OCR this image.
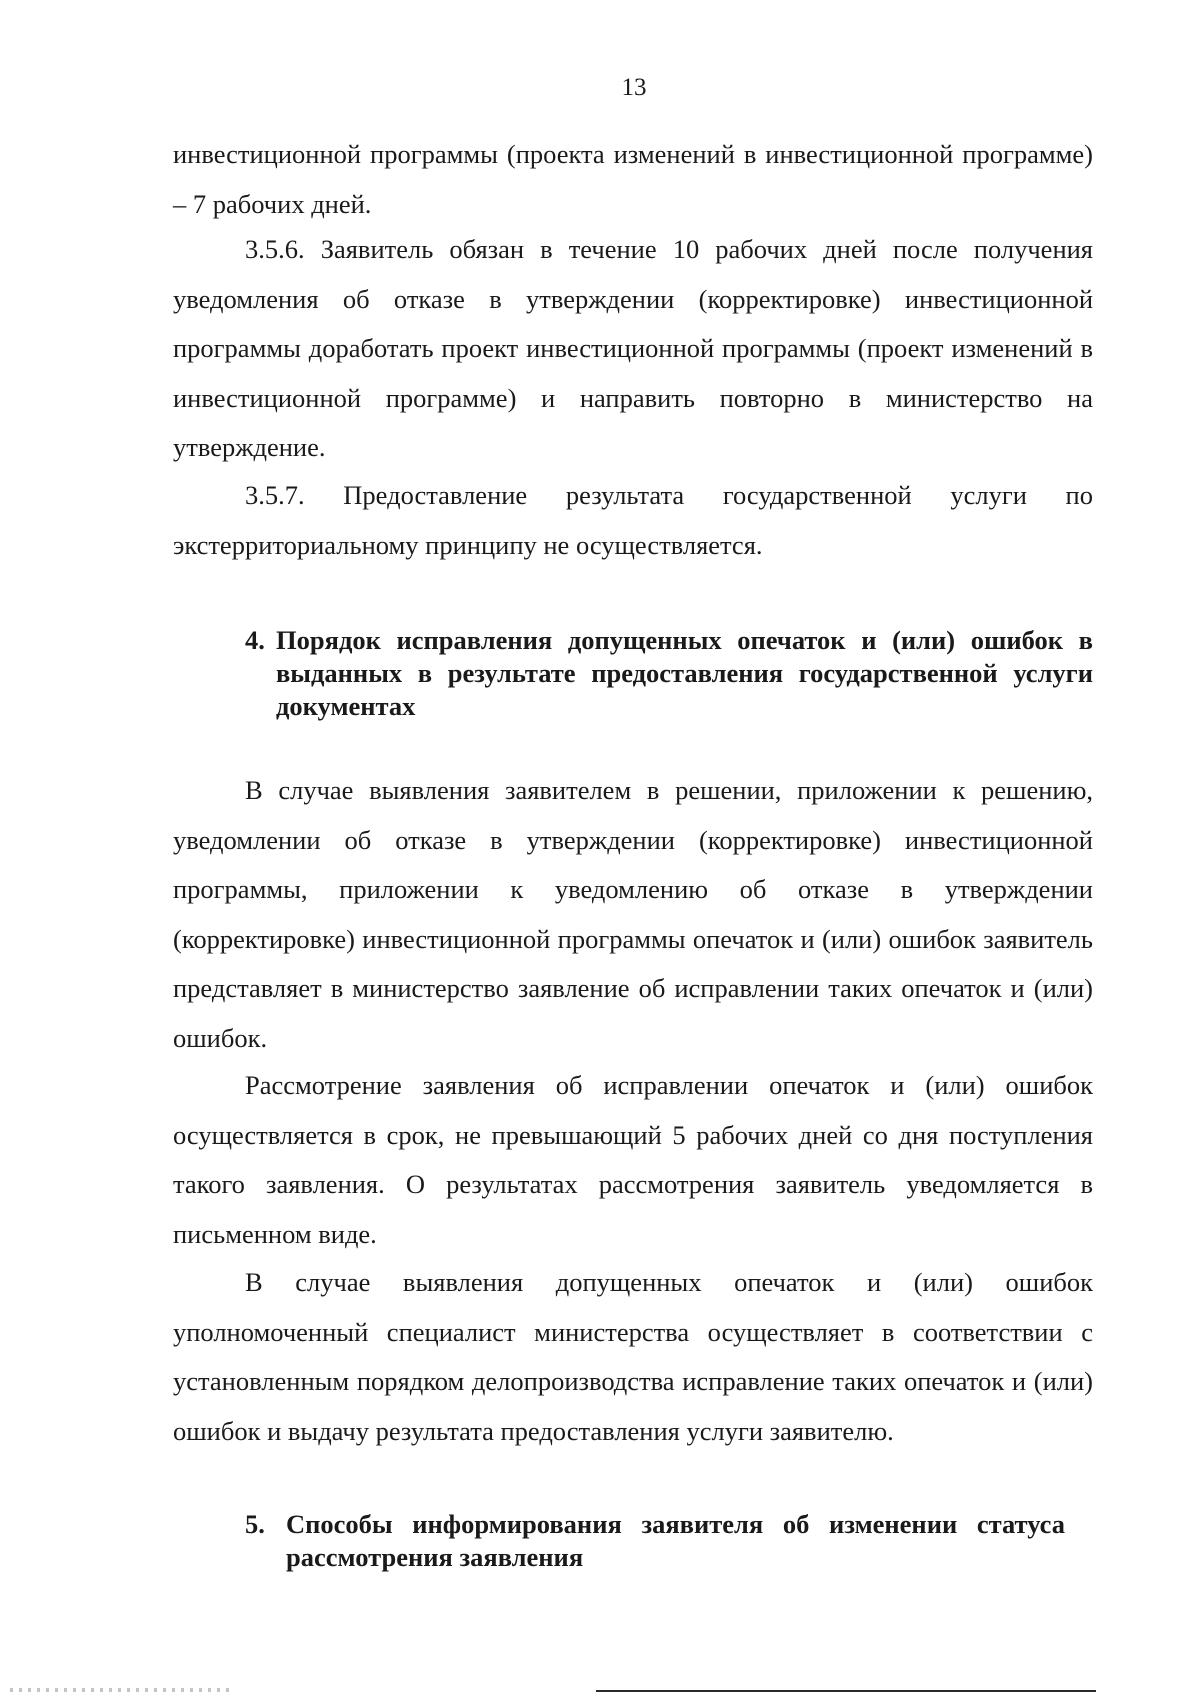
13

инвестиционной программы (проекта изменений в инвестиционной программе) – 7 рабочих дней.

3.5.6. Заявитель обязан в течение 10 рабочих дней после получения уведомления об отказе в утверждении (корректировке) инвестиционной программы доработать проект инвестиционной программы (проект изменений в инвестиционной программе) и направить повторно в министерство на утверждение.

3.5.7. Предоставление результата государственной услуги по экстерриториальному принципу не осуществляется.

4. Порядок исправления допущенных опечаток и (или) ошибок в выданных в результате предоставления государственной услуги документах

В случае выявления заявителем в решении, приложении к решению, уведомлении об отказе в утверждении (корректировке) инвестиционной программы, приложении к уведомлению об отказе в утверждении (корректировке) инвестиционной программы опечаток и (или) ошибок заявитель представляет в министерство заявление об исправлении таких опечаток и (или) ошибок.

Рассмотрение заявления об исправлении опечаток и (или) ошибок осуществляется в срок, не превышающий 5 рабочих дней со дня поступления такого заявления. О результатах рассмотрения заявитель уведомляется в письменном виде.

В случае выявления допущенных опечаток и (или) ошибок уполномоченный специалист министерства осуществляет в соответствии с установленным порядком делопроизводства исправление таких опечаток и (или) ошибок и выдачу результата предоставления услуги заявителю.

5. Способы информирования заявителя об изменении статуса рассмотрения заявления
